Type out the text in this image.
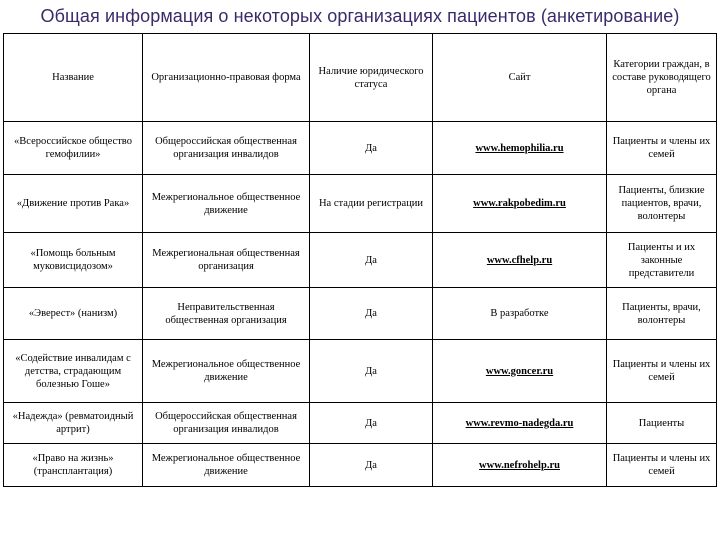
Общая информация о некоторых организациях пациентов (анкетирование)
Название	Организационно-правовая форма	Наличие юридического статуса	Сайт	Категории граждан, в составе руководящего органа
«Всероссийское общество гемофилии»	Общероссийская общественная организация инвалидов	Да	www.hemophilia.ru	Пациенты и члены их семей
«Движение против Рака»	Межрегиональное общественное движение	На стадии регистрации	www.rakpobedim.ru	Пациенты, близкие пациентов, врачи, волонтеры
«Помощь больным муковисцидозом»	Межрегиональная общественная организация	Да	www.cfhelp.ru	Пациенты и их законные представители
«Эверест» (нанизм)	Неправительственная общественная организация	Да	В разработке	Пациенты, врачи, волонтеры
«Содействие инвалидам с детства, страдающим болезнью Гоше»	Межрегиональное общественное движение	Да	www.goncer.ru	Пациенты и члены их семей
«Надежда» (ревматоидный артрит)	Общероссийская общественная организация инвалидов	Да	www.revmo-nadegda.ru	Пациенты
«Право на жизнь» (трансплантация)	Межрегиональное общественное движение	Да	www.nefrohelp.ru	Пациенты и члены их семей
